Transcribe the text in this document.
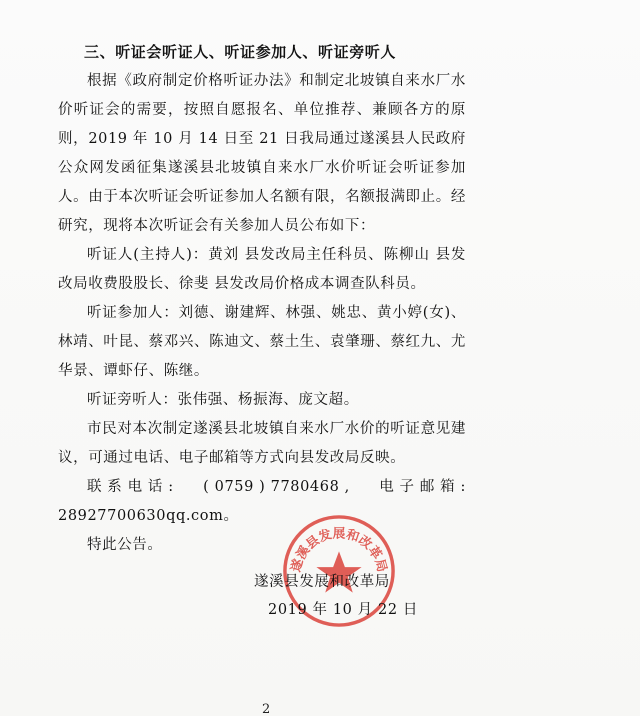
三、听证会听证人、听证参加人、听证旁听人

根据《政府制定价格听证办法》和制定北坡镇自来水厂水价听证会的需要，按照自愿报名、单位推荐、兼顾各方的原则，2019 年 10 月 14 日至 21 日我局通过遂溪县人民政府公众网发函征集遂溪县北坡镇自来水厂水价听证会听证参加人。由于本次听证会听证参加人名额有限，名额报满即止。经研究，现将本次听证会有关参加人员公布如下：

听证人(主持人)：黄刘 县发改局主任科员、陈柳山 县发改局收费股股长、徐斐 县发改局价格成本调查队科员。

听证参加人：刘德、谢建辉、林强、姚忠、黄小婷(女)、林靖、叶昆、蔡邓兴、陈迪文、蔡土生、袁肇珊、蔡红九、尤华景、谭虾仔、陈继。

听证旁听人：张伟强、杨振海、庞文超。

市民对本次制定遂溪县北坡镇自来水厂水价的听证意见建议，可通过电话、电子邮箱等方式向县发改局反映。

联 系 电 话 : ( 0759 ) 7780468 , 电 子 邮 箱 :

28927700630qq.com。

特此公告。

遂溪县发展和改革局
遂溪县发展和改革局
2019 年 10 月 22 日
2
